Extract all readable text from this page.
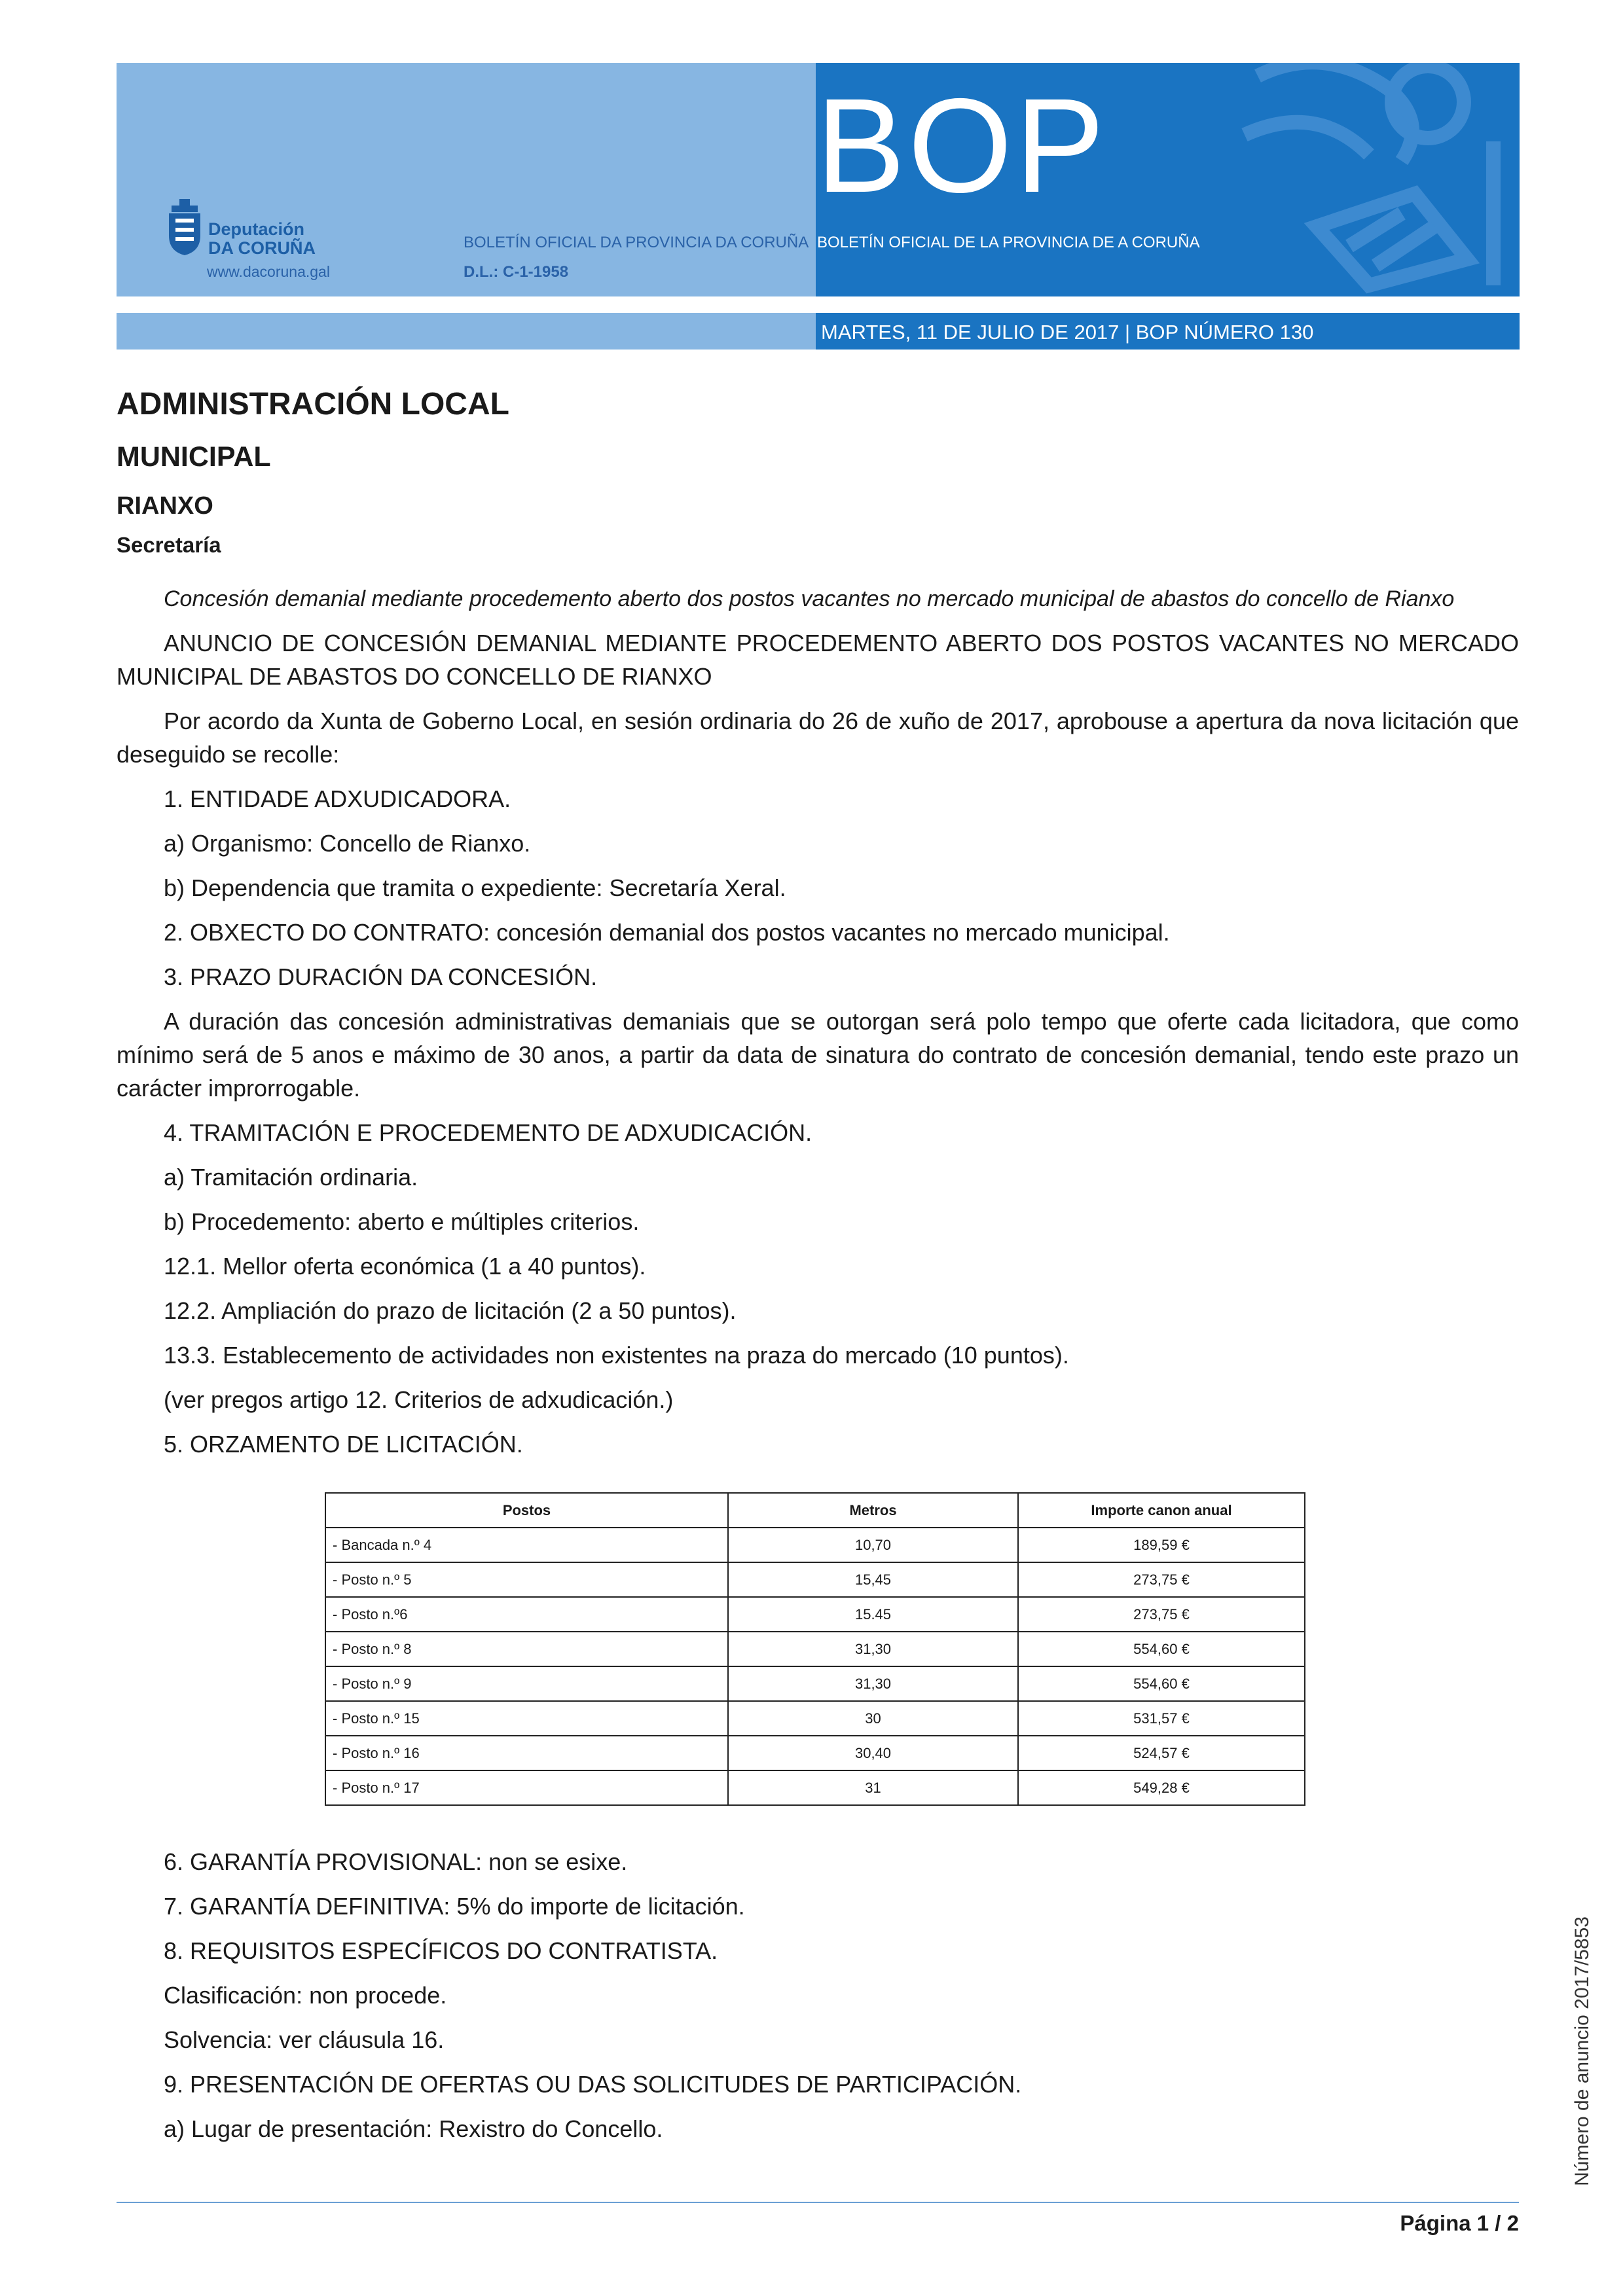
BOP
Deputación
DA CORUÑA
www.dacoruna.gal
BOLETÍN OFICIAL DA PROVINCIA DA CORUÑA
D.L.: C-1-1958
BOLETÍN OFICIAL DE LA PROVINCIA DE A CORUÑA
MARTES, 11 DE JULIO DE 2017 | BOP NÚMERO 130
ADMINISTRACIÓN LOCAL
MUNICIPAL
RIANXO
Secretaría

Concesión demanial mediante procedemento aberto dos postos vacantes no mercado municipal de abastos do concello de Rianxo

ANUNCIO DE CONCESIÓN DEMANIAL MEDIANTE PROCEDEMENTO ABERTO DOS POSTOS VACANTES NO MERCADO MUNICIPAL DE ABASTOS DO CONCELLO DE RIANXO

Por acordo da Xunta de Goberno Local, en sesión ordinaria do 26 de xuño de 2017, aprobouse a apertura da nova licitación que deseguido se recolle:

1. ENTIDADE ADXUDICADORA.

a) Organismo: Concello de Rianxo.

b) Dependencia que tramita o expediente: Secretaría Xeral.

2. OBXECTO DO CONTRATO: concesión demanial dos postos vacantes no mercado municipal.

3. PRAZO DURACIÓN DA CONCESIÓN.

A duración das concesión administrativas demaniais que se outorgan será polo tempo que oferte cada licitadora, que como mínimo será de 5 anos e máximo de 30 anos, a partir da data de sinatura do contrato de concesión demanial, tendo este prazo un carácter improrrogable.

4. TRAMITACIÓN E PROCEDEMENTO DE ADXUDICACIÓN.

a) Tramitación ordinaria.

b) Procedemento: aberto e múltiples criterios.

12.1. Mellor oferta económica (1 a 40 puntos).

12.2. Ampliación do prazo de licitación (2 a 50 puntos).

13.3. Establecemento de actividades non existentes na praza do mercado (10 puntos).

(ver pregos artigo 12. Criterios de adxudicación.)

5. ORZAMENTO DE LICITACIÓN.

Postos	Metros	Importe canon anual
- Bancada n.º 4	10,70	189,59 €
- Posto n.º 5	15,45	273,75 €
- Posto n.º6	15.45	273,75 €
- Posto n.º 8	31,30	554,60 €
- Posto n.º 9	31,30	554,60 €
- Posto n.º 15	30	531,57 €
- Posto n.º 16	30,40	524,57 €
- Posto n.º 17	31	549,28 €

6. GARANTÍA PROVISIONAL: non se esixe.

7. GARANTÍA DEFINITIVA: 5% do importe de licitación.

8. REQUISITOS ESPECÍFICOS DO CONTRATISTA.

Clasificación: non procede.

Solvencia: ver cláusula 16.

9. PRESENTACIÓN DE OFERTAS OU DAS SOLICITUDES DE PARTICIPACIÓN.

a) Lugar de presentación: Rexistro do Concello.	Número de anuncio 2017/5853
Página 1 / 2
